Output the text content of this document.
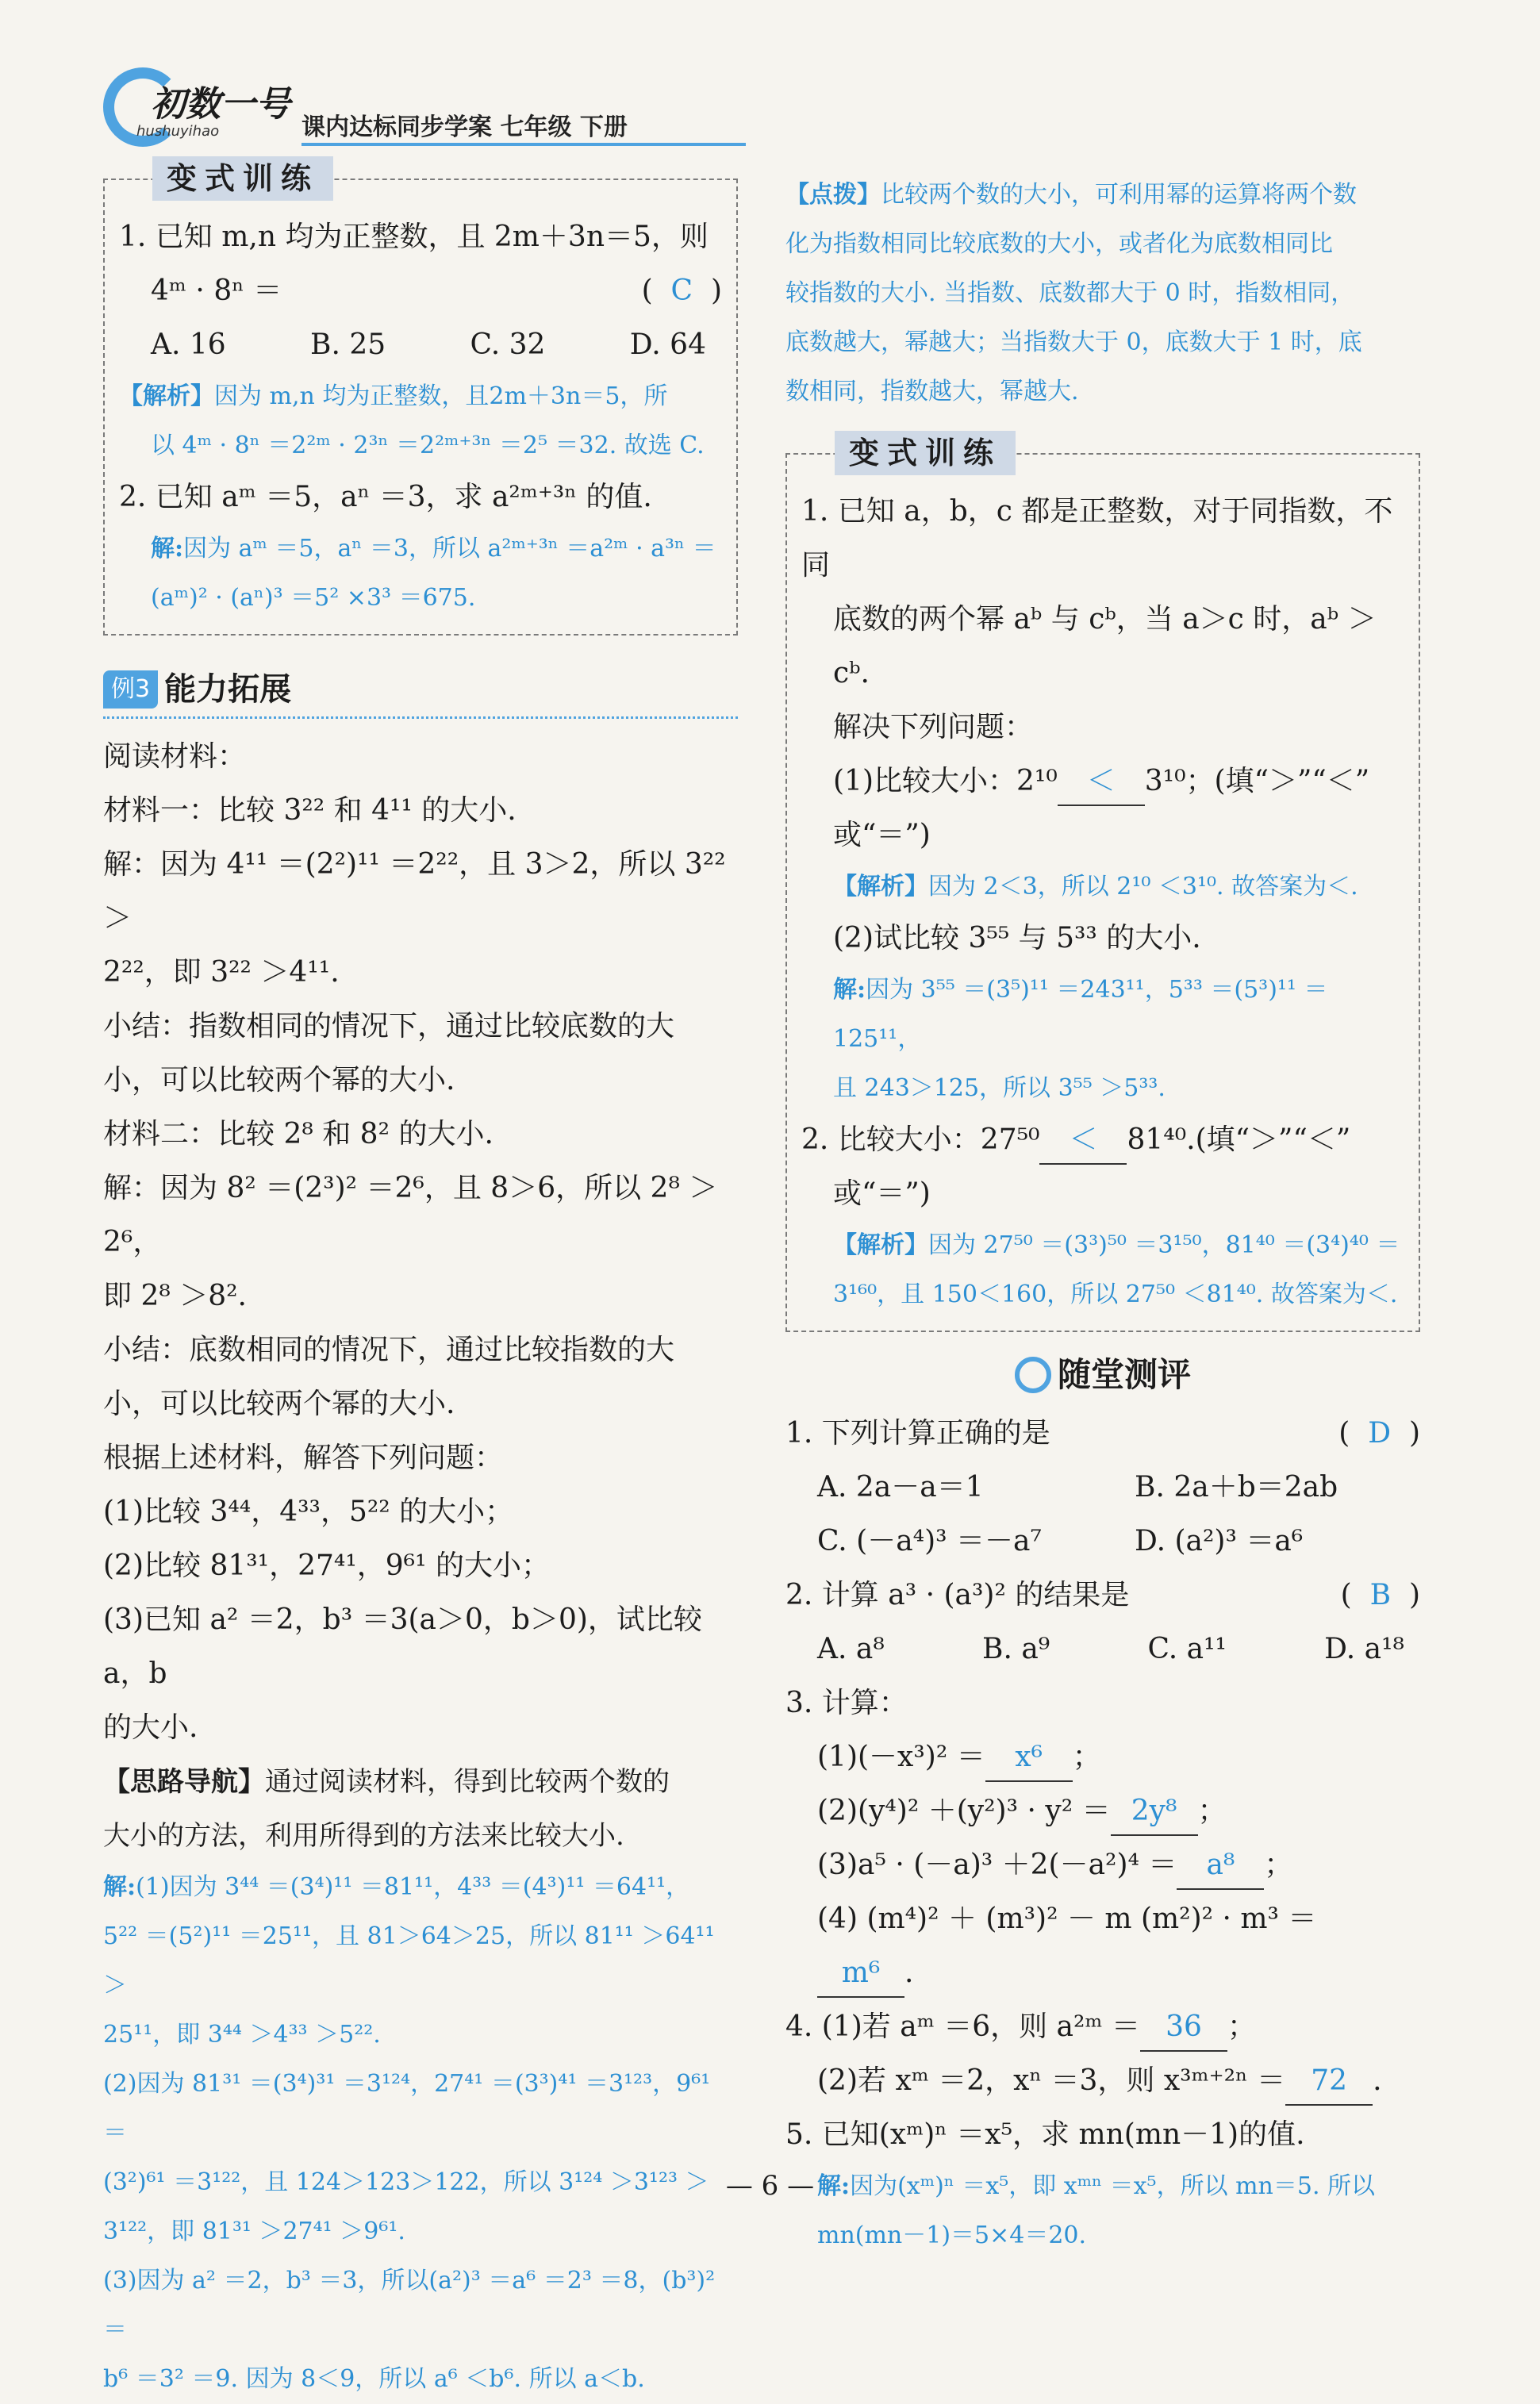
初数一号
hushuyihao	课内达标同步学案 七年级 下册
变式训练

1. 已知 m,n 均为正整数，且 2m＋3n＝5，则

4ᵐ · 8ⁿ ＝	(  C  )

A. 16	B. 25	C. 32	D. 64

【解析】因为 m,n 均为正整数，且2m＋3n＝5，所

以 4ᵐ · 8ⁿ ＝2²ᵐ · 2³ⁿ ＝2²ᵐ⁺³ⁿ ＝2⁵ ＝32. 故选 C.

2. 已知 aᵐ ＝5，aⁿ ＝3，求 a²ᵐ⁺³ⁿ 的值.

解:因为 aᵐ ＝5，aⁿ ＝3，所以 a²ᵐ⁺³ⁿ ＝a²ᵐ · a³ⁿ ＝

(aᵐ)² · (aⁿ)³ ＝5² ×3³ ＝675.

例3 能力拓展

阅读材料：

材料一：比较 3²² 和 4¹¹ 的大小.

解：因为 4¹¹ ＝(2²)¹¹ ＝2²²，且 3＞2，所以 3²² ＞

2²²，即 3²² ＞4¹¹.

小结：指数相同的情况下，通过比较底数的大

小，可以比较两个幂的大小.

材料二：比较 2⁸ 和 8² 的大小.

解：因为 8² ＝(2³)² ＝2⁶，且 8＞6，所以 2⁸ ＞2⁶，

即 2⁸ ＞8².

小结：底数相同的情况下，通过比较指数的大

小，可以比较两个幂的大小.

根据上述材料，解答下列问题：

(1)比较 3⁴⁴，4³³，5²² 的大小；

(2)比较 81³¹，27⁴¹，9⁶¹ 的大小；

(3)已知 a² ＝2，b³ ＝3(a＞0，b＞0)，试比较 a，b

的大小.

【思路导航】通过阅读材料，得到比较两个数的

大小的方法，利用所得到的方法来比较大小.

解:(1)因为 3⁴⁴ ＝(3⁴)¹¹ ＝81¹¹，4³³ ＝(4³)¹¹ ＝64¹¹，

5²² ＝(5²)¹¹ ＝25¹¹，且 81＞64＞25，所以 81¹¹ ＞64¹¹ ＞

25¹¹，即 3⁴⁴ ＞4³³ ＞5²².

(2)因为 81³¹ ＝(3⁴)³¹ ＝3¹²⁴，27⁴¹ ＝(3³)⁴¹ ＝3¹²³，9⁶¹ ＝

(3²)⁶¹ ＝3¹²²，且 124＞123＞122，所以 3¹²⁴ ＞3¹²³ ＞

3¹²²，即 81³¹ ＞27⁴¹ ＞9⁶¹.

(3)因为 a² ＝2，b³ ＝3，所以(a²)³ ＝a⁶ ＝2³ ＝8，(b³)² ＝

b⁶ ＝3² ＝9. 因为 8＜9，所以 a⁶ ＜b⁶. 所以 a＜b.

【点拨】比较两个数的大小，可利用幂的运算将两个数

化为指数相同比较底数的大小，或者化为底数相同比

较指数的大小. 当指数、底数都大于 0 时，指数相同，

底数越大，幂越大；当指数大于 0，底数大于 1 时，底

数相同，指数越大，幂越大.

变式训练

1. 已知 a，b，c 都是正整数，对于同指数，不同

底数的两个幂 aᵇ 与 cᵇ，当 a＞c 时，aᵇ ＞cᵇ.

解决下列问题：

(1)比较大小：2¹⁰ ＜ 3¹⁰；(填“＞”“＜”

或“＝”)

【解析】因为 2＜3，所以 2¹⁰ ＜3¹⁰. 故答案为＜.

(2)试比较 3⁵⁵ 与 5³³ 的大小.

解:因为 3⁵⁵ ＝(3⁵)¹¹ ＝243¹¹，5³³ ＝(5³)¹¹ ＝125¹¹，

且 243＞125，所以 3⁵⁵ ＞5³³.

2. 比较大小：27⁵⁰ ＜ 81⁴⁰.(填“＞”“＜”

或“＝”)

【解析】因为 27⁵⁰ ＝(3³)⁵⁰ ＝3¹⁵⁰，81⁴⁰ ＝(3⁴)⁴⁰ ＝

3¹⁶⁰，且 150＜160，所以 27⁵⁰ ＜81⁴⁰. 故答案为＜.

随堂测评

1. 下列计算正确的是	(  D  )

A. 2a－a＝1	B. 2a＋b＝2ab
C. (－a⁴)³ ＝－a⁷	D. (a²)³ ＝a⁶

2. 计算 a³ · (a³)² 的结果是	(  B  )

A. a⁸	B. a⁹	C. a¹¹	D. a¹⁸

3. 计算：

(1)(－x³)² ＝ x⁶ ；

(2)(y⁴)² ＋(y²)³ · y² ＝ 2y⁸ ；

(3)a⁵ · (－a)³ ＋2(－a²)⁴ ＝ a⁸ ；

(4) (m⁴)² ＋ (m³)² － m (m²)² · m³ ＝

m⁶ .

4. (1)若 aᵐ ＝6，则 a²ᵐ ＝ 36 ；

(2)若 xᵐ ＝2，xⁿ ＝3，则 x³ᵐ⁺²ⁿ ＝ 72 .

5. 已知(xᵐ)ⁿ ＝x⁵，求 mn(mn－1)的值.

解:因为(xᵐ)ⁿ ＝x⁵，即 xᵐⁿ ＝x⁵，所以 mn＝5. 所以

mn(mn－1)＝5×4＝20.

— 6 —
